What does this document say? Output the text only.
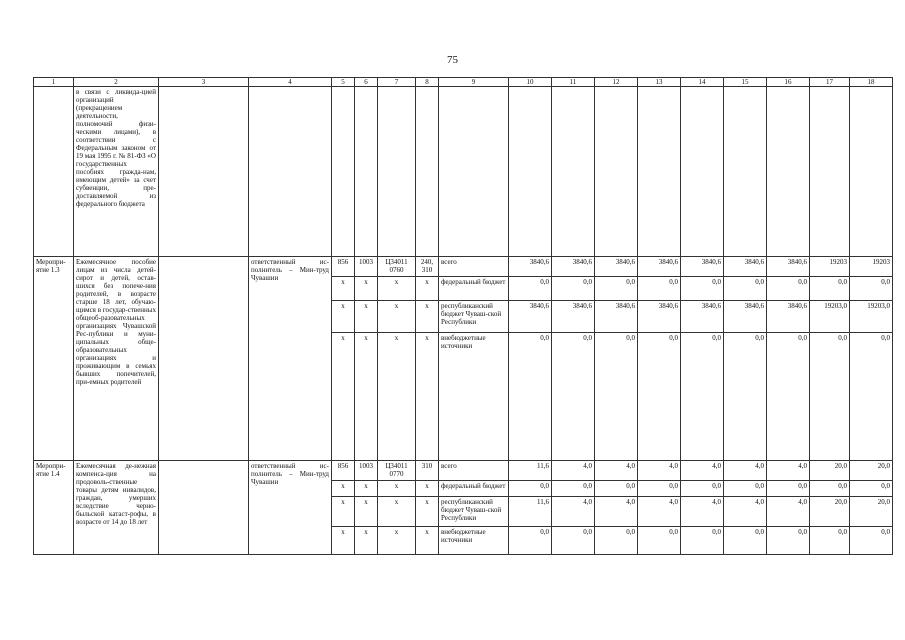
75
1	2	3	4	5	6	7	8	9	10	11	12	13	14	15	16	17	18
	в связи с ликвида-цией организаций (прекращением деятельности, полномочий физи-ческими лицами), в соответствии с Федеральным законом от 19 мая 1995 г. № 81-ФЗ «О государственных пособиях гражда-нам, имеющим детей» за счет субвенции, пре-доставляемой из федерального бюджета																
Меропри-ятие 1.3	Ежемесячное пособие лицам из числа детей-сирот и детей, остав-шихся без попече-ния родителей, в возрасте старше 18 лет, обучаю-щимся в государ-ственных общеоб-разовательных организациях Чувашской Рес-публики и муни-ципальных обще-образовательных организациях и проживающим в семьях бывших попечителей, при-емных родителей		ответственный ис-полнитель – Мин-труд Чувашии	856	1003	Ц34011 0760	240, 310	всего	3840,6	3840,6	3840,6	3840,6	3840,6	3840,6	3840,6	19203	19203
				x	x	x	x	федеральный бюджет	0,0	0,0	0,0	0,0	0,0	0,0	0,0	0,0	0,0
				x	x	x	x	республиканский бюджет Чуваш-ской Республики	3840,6	3840,6	3840,6	3840,6	3840,6	3840,6	3840,6	19203,0	19203,0
				x	x	x	x	внебюджетные источники	0,0	0,0	0,0	0,0	0,0	0,0	0,0	0,0	0,0
Меропри-ятие 1.4	Ежемесячная де-нежная компенса-ция на продоволь-ственные товары детям инвалидов, граждан, умерших вследствие черно-быльской катаст-рофы, в возрасте от 14 до 18 лет		ответственный ис-полнитель – Мин-труд Чувашии	856	1003	Ц34011 0770	310	всего	11,6	4,0	4,0	4,0	4,0	4,0	4,0	20,0	20,0
				x	x	x	x	федеральный бюджет	0,0	0,0	0,0	0,0	0,0	0,0	0,0	0,0	0,0
				x	x	x	x	республиканский бюджет Чуваш-ской Республики	11,6	4,0	4,0	4,0	4,0	4,0	4,0	20,0	20,0
				x	x	x	x	внебюджетные источники	0,0	0,0	0,0	0,0	0,0	0,0	0,0	0,0	0,0
